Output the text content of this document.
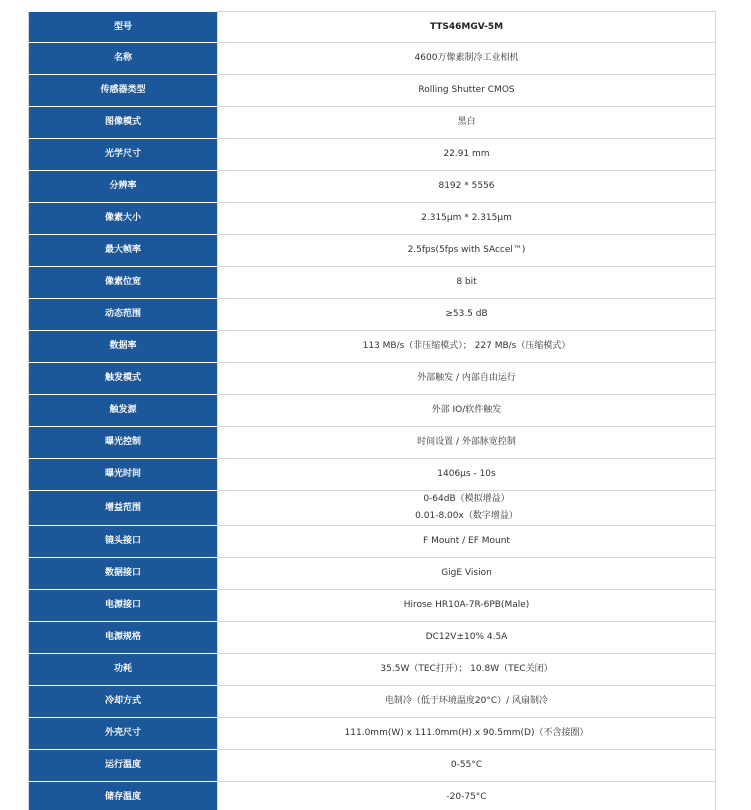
型号	TTS46MGV-5M

名称	4600万像素制冷工业相机

传感器类型	Rolling Shutter CMOS

图像模式	黑白

光学尺寸	22.91 mm

分辨率	8192 * 5556

像素大小	2.315μm * 2.315μm

最大帧率	2.5fps(5fps with SAccel™)

像素位宽	8 bit

动态范围	≥53.5 dB

数据率	113 MB/s（非压缩模式）； 227 MB/s（压缩模式）

触发模式	外部触发 / 内部自由运行

触发源	外部 IO/软件触发

曝光控制	时间设置 / 外部脉宽控制

曝光时间	1406μs - 10s

增益范围	0-64dB（模拟增益）
0.01-8.00x（数字增益）

镜头接口	F Mount / EF Mount

数据接口	GigE Vision

电源接口	Hirose HR10A-7R-6PB(Male)

电源规格	DC12V±10% 4.5A

功耗	35.5W（TEC打开）； 10.8W（TEC关闭）

冷却方式	电制冷（低于环境温度20°C）/ 风扇制冷

外壳尺寸	111.0mm(W) x 111.0mm(H) x 90.5mm(D)（不含接圈）

运行温度	0-55°C

储存温度	-20-75°C
